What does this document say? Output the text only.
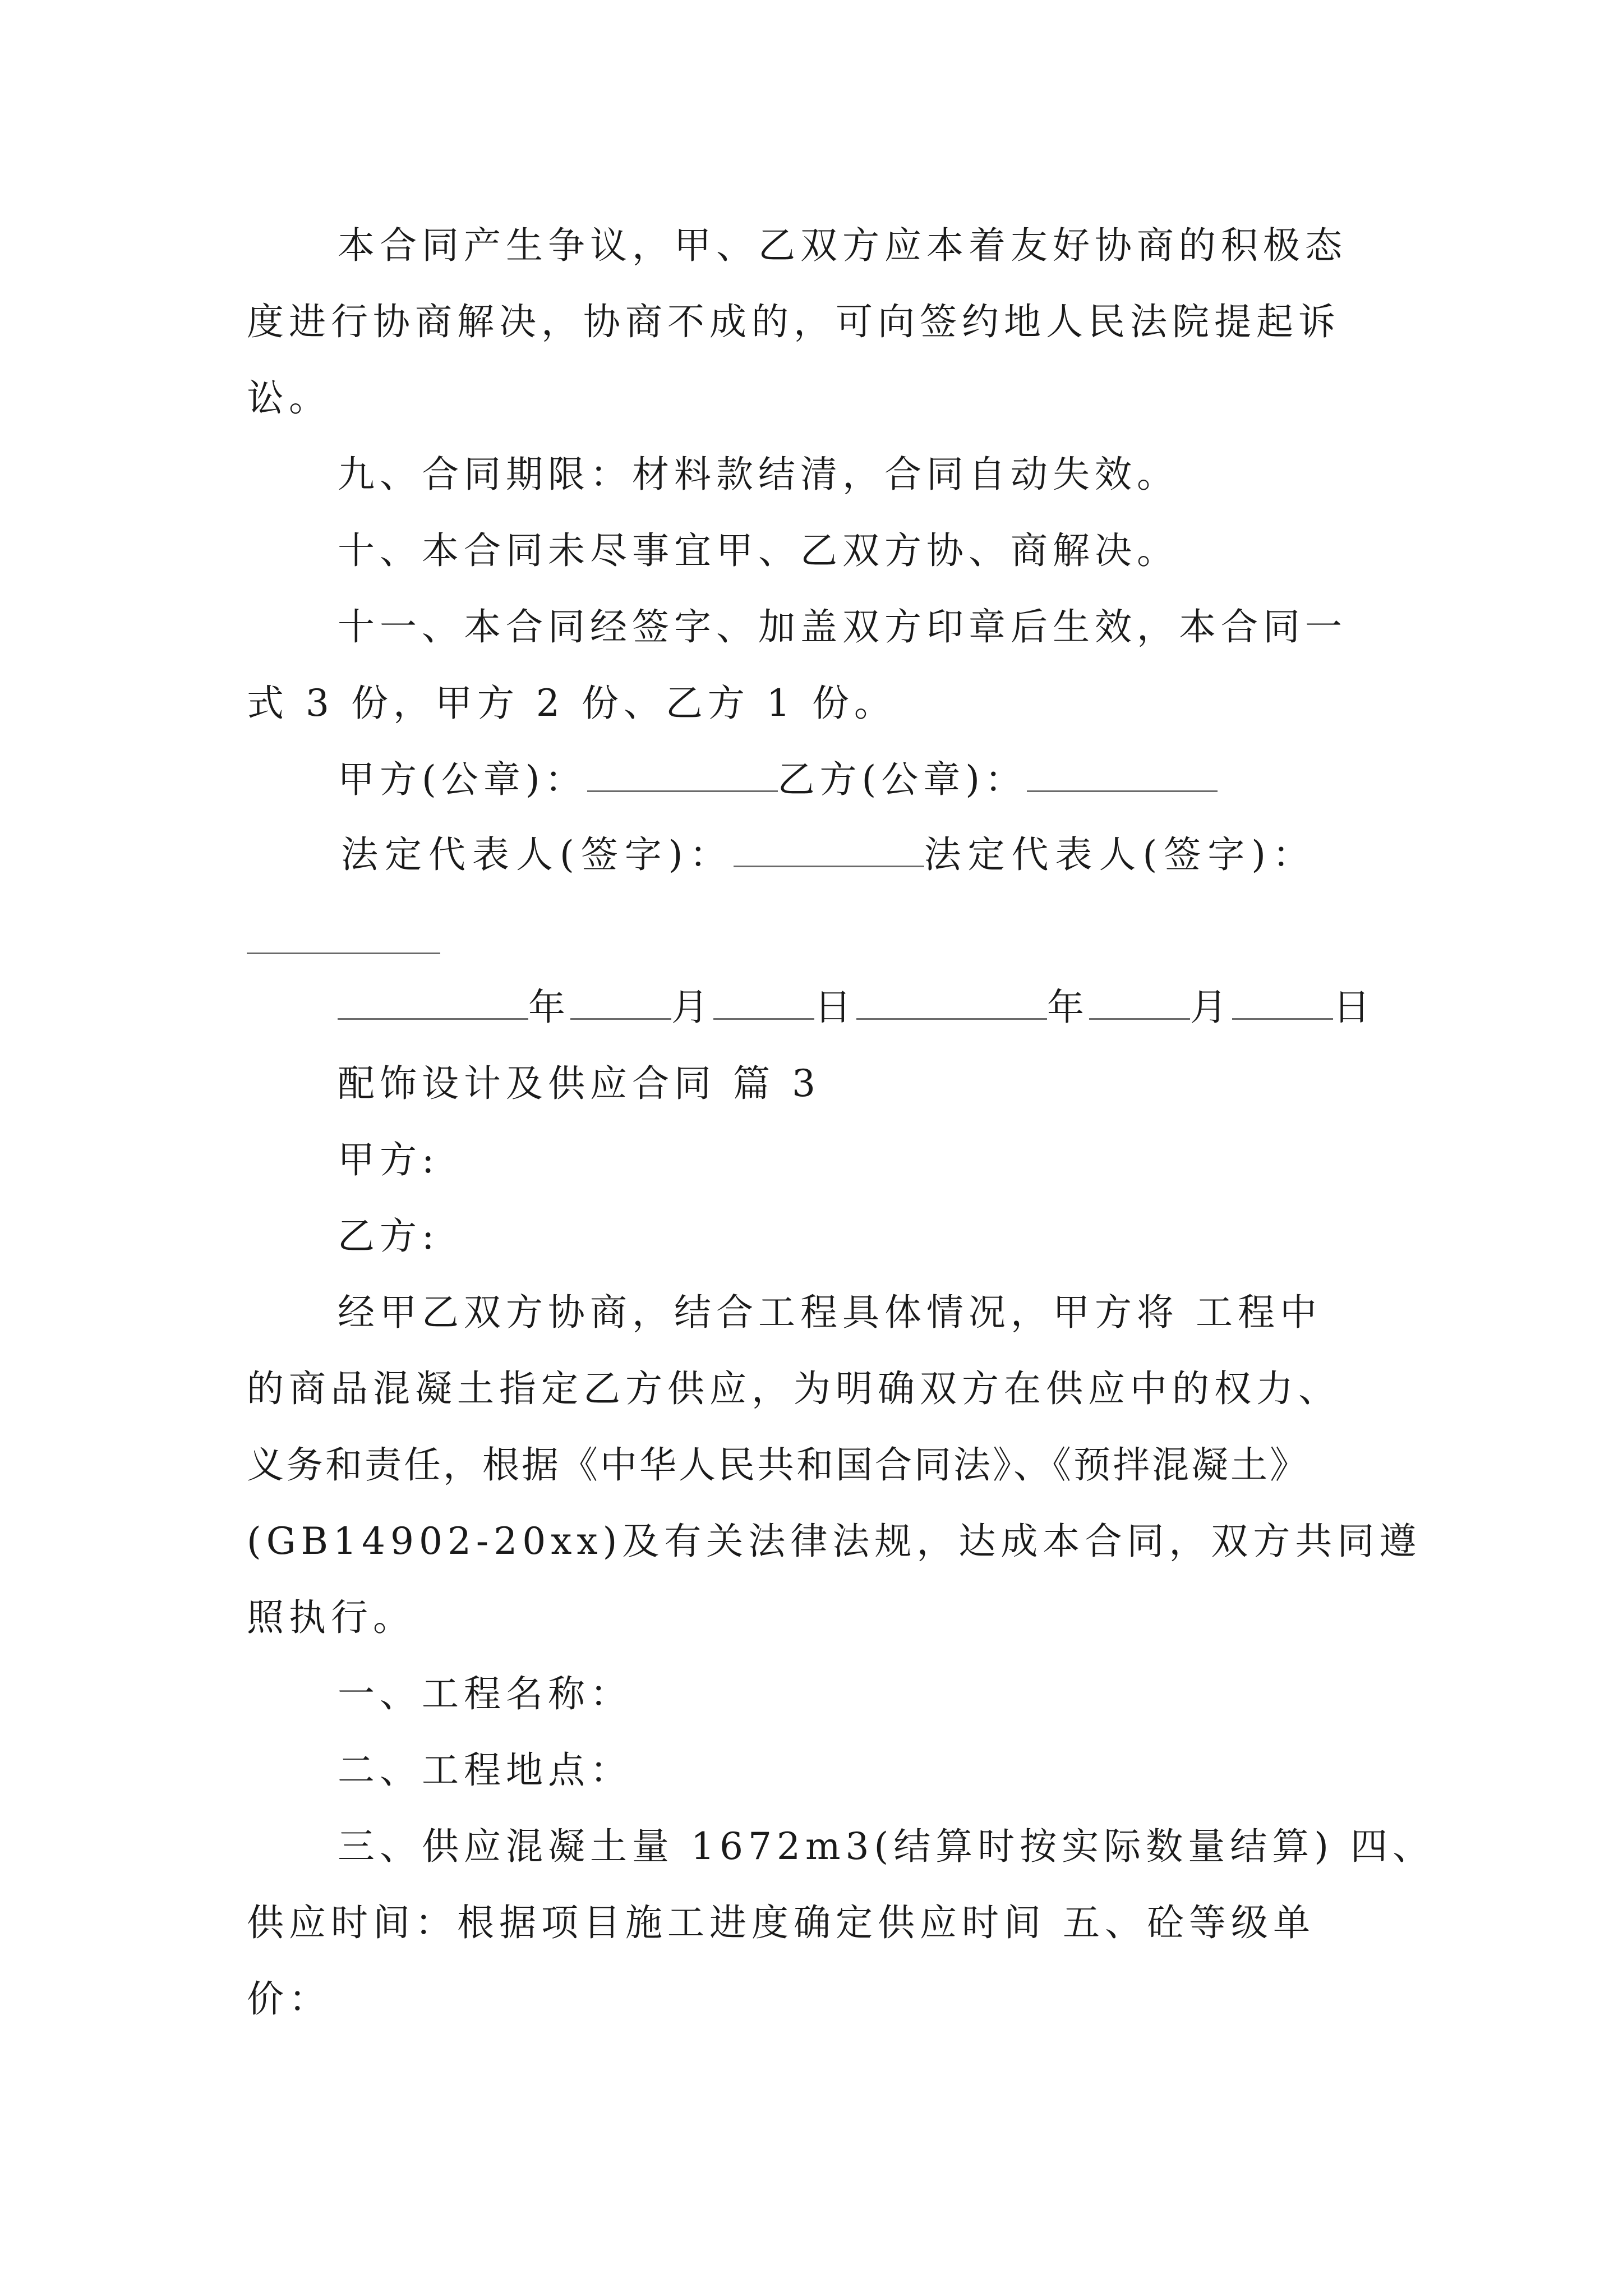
本合同产生争议，甲、乙双方应本着友好协商的积极态
度进行协商解决，协商不成的，可向签约地人民法院提起诉
讼。
九、合同期限：材料款结清，合同自动失效。
十、本合同未尽事宜甲、乙双方协、商解决。
十一、本合同经签字、加盖双方印章后生效，本合同一
式 3 份，甲方 2 份、乙方 1 份。
甲方(公章)：	乙方(公章)：
法定代表人(签字)：	法定代表人(签字)：
年	月	日	年	月	日
配饰设计及供应合同 篇 3
甲方:
乙方:
经甲乙双方协商，结合工程具体情况，甲方将 工程中
的商品混凝土指定乙方供应，为明确双方在供应中的权力、
义务和责任，根据《中华人民共和国合同法》、《预拌混凝土》
(GB14902-20xx)及有关法律法规，达成本合同，双方共同遵
照执行。
一、工程名称：
二、工程地点：
三、供应混凝土量 1672m3(结算时按实际数量结算) 四、
供应时间：根据项目施工进度确定供应时间 五、砼等级单
价：
